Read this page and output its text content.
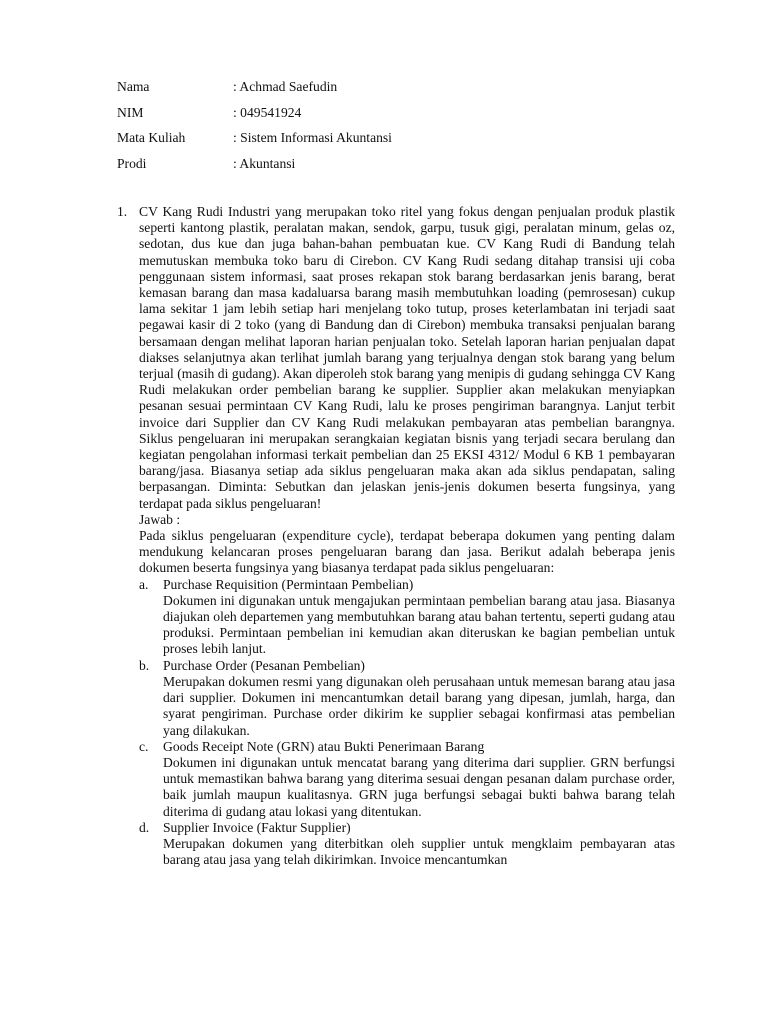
Nama	: Achmad Saefudin
NIM	: 049541924
Mata Kuliah	: Sistem Informasi Akuntansi
Prodi	: Akuntansi
1. CV Kang Rudi Industri yang merupakan toko ritel yang fokus dengan penjualan produk plastik seperti kantong plastik, peralatan makan, sendok, garpu, tusuk gigi, peralatan minum, gelas oz, sedotan, dus kue dan juga bahan-bahan pembuatan kue. CV Kang Rudi di Bandung telah memutuskan membuka toko baru di Cirebon. CV Kang Rudi sedang ditahap transisi uji coba penggunaan sistem informasi, saat proses rekapan stok barang berdasarkan jenis barang, berat kemasan barang dan masa kadaluarsa barang masih membutuhkan loading (pemrosesan) cukup lama sekitar 1 jam lebih setiap hari menjelang toko tutup, proses keterlambatan ini terjadi saat pegawai kasir di 2 toko (yang di Bandung dan di Cirebon) membuka transaksi penjualan barang bersamaan dengan melihat laporan harian penjualan toko. Setelah laporan harian penjualan dapat diakses selanjutnya akan terlihat jumlah barang yang terjualnya dengan stok barang yang belum terjual (masih di gudang). Akan diperoleh stok barang yang menipis di gudang sehingga CV Kang Rudi melakukan order pembelian barang ke supplier. Supplier akan melakukan menyiapkan pesanan sesuai permintaan CV Kang Rudi, lalu ke proses pengiriman barangnya. Lanjut terbit invoice dari Supplier dan CV Kang Rudi melakukan pembayaran atas pembelian barangnya. Siklus pengeluaran ini merupakan serangkaian kegiatan bisnis yang terjadi secara berulang dan kegiatan pengolahan informasi terkait pembelian dan 25 EKSI 4312/ Modul 6 KB 1 pembayaran barang/jasa. Biasanya setiap ada siklus pengeluaran maka akan ada siklus pendapatan, saling berpasangan. Diminta: Sebutkan dan jelaskan jenis-jenis dokumen beserta fungsinya, yang terdapat pada siklus pengeluaran!

Jawab :

Pada siklus pengeluaran (expenditure cycle), terdapat beberapa dokumen yang penting dalam mendukung kelancaran proses pengeluaran barang dan jasa. Berikut adalah beberapa jenis dokumen beserta fungsinya yang biasanya terdapat pada siklus pengeluaran:

a. Purchase Requisition (Permintaan Pembelian)

Dokumen ini digunakan untuk mengajukan permintaan pembelian barang atau jasa. Biasanya diajukan oleh departemen yang membutuhkan barang atau bahan tertentu, seperti gudang atau produksi. Permintaan pembelian ini kemudian akan diteruskan ke bagian pembelian untuk proses lebih lanjut.

b. Purchase Order (Pesanan Pembelian)

Merupakan dokumen resmi yang digunakan oleh perusahaan untuk memesan barang atau jasa dari supplier. Dokumen ini mencantumkan detail barang yang dipesan, jumlah, harga, dan syarat pengiriman. Purchase order dikirim ke supplier sebagai konfirmasi atas pembelian yang dilakukan.

c. Goods Receipt Note (GRN) atau Bukti Penerimaan Barang

Dokumen ini digunakan untuk mencatat barang yang diterima dari supplier. GRN berfungsi untuk memastikan bahwa barang yang diterima sesuai dengan pesanan dalam purchase order, baik jumlah maupun kualitasnya. GRN juga berfungsi sebagai bukti bahwa barang telah diterima di gudang atau lokasi yang ditentukan.

d. Supplier Invoice (Faktur Supplier)

Merupakan dokumen yang diterbitkan oleh supplier untuk mengklaim pembayaran atas barang atau jasa yang telah dikirimkan. Invoice mencantumkan
